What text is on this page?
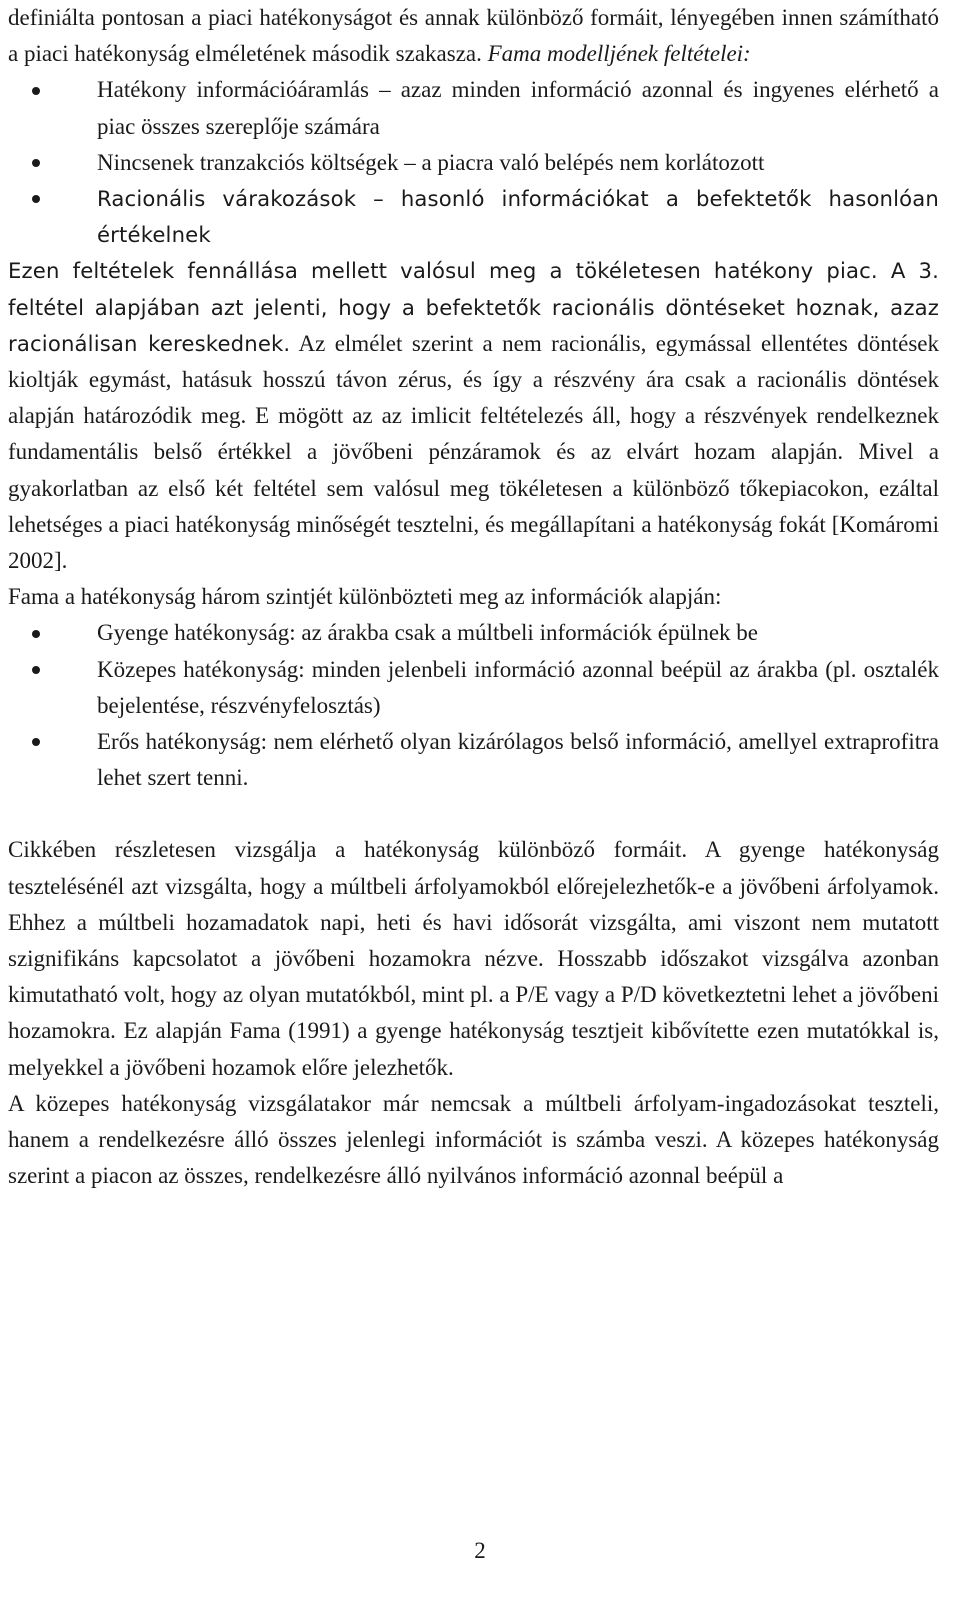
definiálta pontosan a piaci hatékonyságot és annak különböző formáit, lényegében innen számítható a piaci hatékonyság elméletének második szakasza. Fama modelljének feltételei:

Hatékony információáramlás – azaz minden információ azonnal és ingyenes elérhető a piac összes szereplője számára
Nincsenek tranzakciós költségek – a piacra való belépés nem korlátozott
Racionális várakozások – hasonló információkat a befektetők hasonlóan értékelnek

Ezen feltételek fennállása mellett valósul meg a tökéletesen hatékony piac. A 3. feltétel alapjában azt jelenti, hogy a befektetők racionális döntéseket hoznak, azaz racionálisan kereskednek. Az elmélet szerint a nem racionális, egymással ellentétes döntések kioltják egymást, hatásuk hosszú távon zérus, és így a részvény ára csak a racionális döntések alapján határozódik meg. E mögött az az imlicit feltételezés áll, hogy a részvények rendelkeznek fundamentális belső értékkel a jövőbeni pénzáramok és az elvárt hozam alapján. Mivel a gyakorlatban az első két feltétel sem valósul meg tökéletesen a különböző tőkepiacokon, ezáltal lehetséges a piaci hatékonyság minőségét tesztelni, és megállapítani a hatékonyság fokát [Komáromi 2002].

Fama a hatékonyság három szintjét különbözteti meg az információk alapján:

Gyenge hatékonyság: az árakba csak a múltbeli információk épülnek be
Közepes hatékonyság: minden jelenbeli információ azonnal beépül az árakba (pl. osztalék bejelentése, részvényfelosztás)
Erős hatékonyság: nem elérhető olyan kizárólagos belső információ, amellyel extraprofitra lehet szert tenni.

Cikkében részletesen vizsgálja a hatékonyság különböző formáit. A gyenge hatékonyság tesztelésénél azt vizsgálta, hogy a múltbeli árfolyamokból előrejelezhetők-e a jövőbeni árfolyamok. Ehhez a múltbeli hozamadatok napi, heti és havi idősorát vizsgálta, ami viszont nem mutatott szignifikáns kapcsolatot a jövőbeni hozamokra nézve. Hosszabb időszakot vizsgálva azonban kimutatható volt, hogy az olyan mutatókból, mint pl. a P/E vagy a P/D következtetni lehet a jövőbeni hozamokra. Ez alapján Fama (1991) a gyenge hatékonyság tesztjeit kibővítette ezen mutatókkal is, melyekkel a jövőbeni hozamok előre jelezhetők.

A közepes hatékonyság vizsgálatakor már nemcsak a múltbeli árfolyam-ingadozásokat teszteli, hanem a rendelkezésre álló összes jelenlegi információt is számba veszi. A közepes hatékonyság szerint a piacon az összes, rendelkezésre álló nyilvános információ azonnal beépül a

2
